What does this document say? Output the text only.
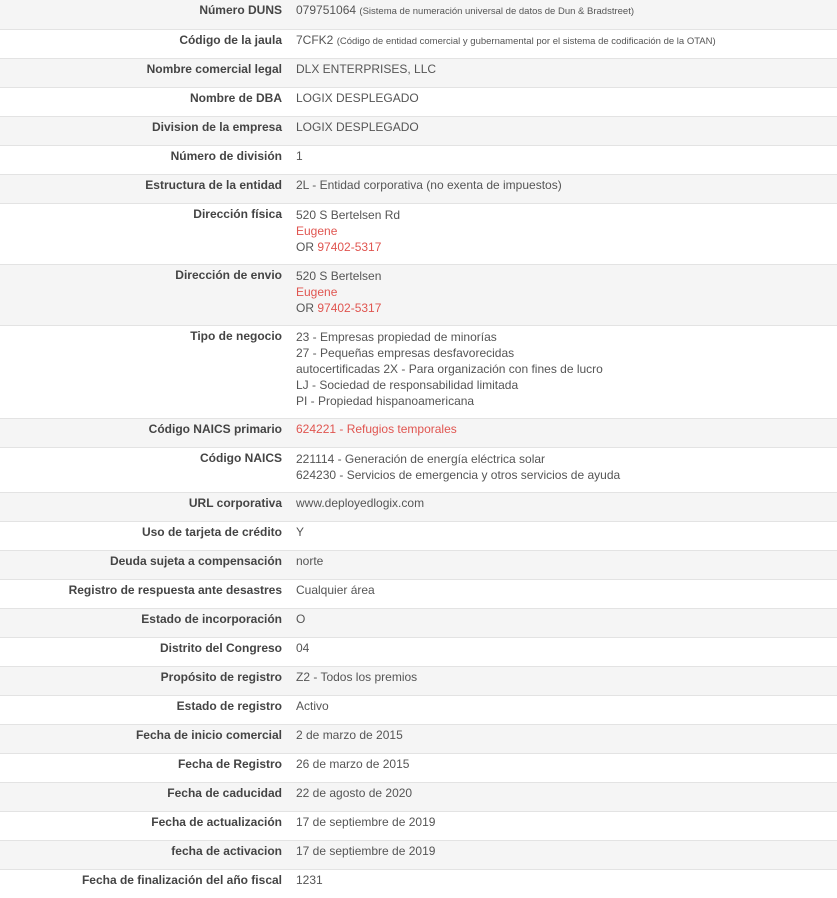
Número DUNS	079751064 (Sistema de numeración universal de datos de Dun & Bradstreet)
Código de la jaula	7CFK2 (Código de entidad comercial y gubernamental por el sistema de codificación de la OTAN)
Nombre comercial legal	DLX ENTERPRISES, LLC
Nombre de DBA	LOGIX DESPLEGADO
Division de la empresa	LOGIX DESPLEGADO
Número de división	1
Estructura de la entidad	2L - Entidad corporativa (no exenta de impuestos)
Dirección física	520 S Bertelsen Rd
Eugene
OR 97402-5317

Dirección de envio	520 S Bertelsen
Eugene
OR 97402-5317

Tipo de negocio	23 - Empresas propiedad de minorías
27 - Pequeñas empresas desfavorecidas
autocertificadas 2X - Para organización con fines de lucro
LJ - Sociedad de responsabilidad limitada
PI - Propiedad hispanoamericana

Código NAICS primario	624221 - Refugios temporales
Código NAICS	221114 - Generación de energía eléctrica solar
624230 - Servicios de emergencia y otros servicios de ayuda

URL corporativa	www.deployedlogix.com
Uso de tarjeta de crédito	Y
Deuda sujeta a compensación	norte
Registro de respuesta ante desastres	Cualquier área
Estado de incorporación	O
Distrito del Congreso	04
Propósito de registro	Z2 - Todos los premios
Estado de registro	Activo
Fecha de inicio comercial	2 de marzo de 2015
Fecha de Registro	26 de marzo de 2015
Fecha de caducidad	22 de agosto de 2020
Fecha de actualización	17 de septiembre de 2019
fecha de activacion	17 de septiembre de 2019
Fecha de finalización del año fiscal	1231
